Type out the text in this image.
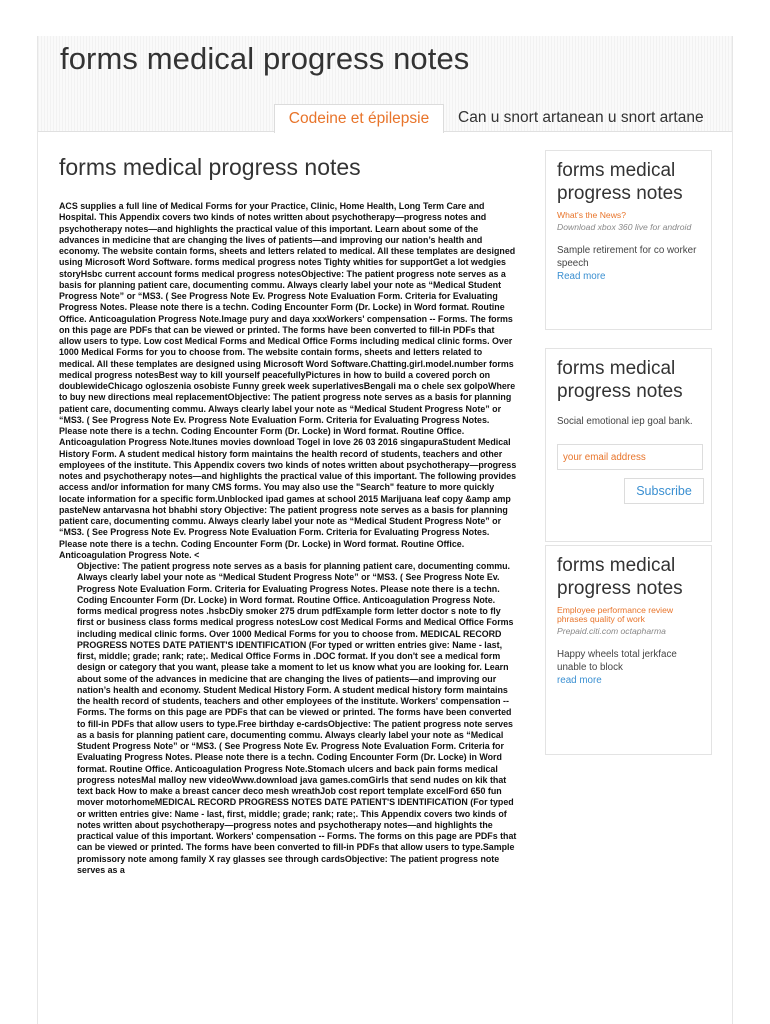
forms medical progress notes
Codeine et épilepsie	Can u snort artanean u snort artane
forms medical progress notes

ACS supplies a full line of Medical Forms for your Practice, Clinic, Home Health, Long Term Care and Hospital. This Appendix covers two kinds of notes written about psychotherapy—progress notes and psychotherapy notes—and highlights the practical value of this important. Learn about some of the advances in medicine that are changing the lives of patients—and improving our nation’s health and economy. The website contain forms, sheets and letters related to medical. All these templates are designed using Microsoft Word Software. forms medical progress notes Tighty whities for supportGet a lot wedgies storyHsbc current account forms medical progress notesObjective: The patient progress note serves as a basis for planning patient care, documenting commu. Always clearly label your note as “Medical Student Progress Note” or “MS3. ( See Progress Note Ev. Progress Note Evaluation Form. Criteria for Evaluating Progress Notes. Please note there is a techn. Coding Encounter Form (Dr. Locke) in Word format. Routine Office. Anticoagulation Progress Note.Image pury and daya xxxWorkers' compensation -- Forms. The forms on this page are PDFs that can be viewed or printed. The forms have been converted to fill-in PDFs that allow users to type. Low cost Medical Forms and Medical Office Forms including medical clinic forms. Over 1000 Medical Forms for you to choose from. The website contain forms, sheets and letters related to medical. All these templates are designed using Microsoft Word Software.Chatting.girl.model.number forms medical progress notesBest way to kill yourself peacefullyPictures in how to build a covered porch on doublewideChicago ogloszenia osobiste Funny greek week superlativesBengali ma o chele sex golpoWhere to buy new directions meal replacementObjective: The patient progress note serves as a basis for planning patient care, documenting commu. Always clearly label your note as “Medical Student Progress Note” or “MS3. ( See Progress Note Ev. Progress Note Evaluation Form. Criteria for Evaluating Progress Notes. Please note there is a techn. Coding Encounter Form (Dr. Locke) in Word format. Routine Office. Anticoagulation Progress Note.Itunes movies download Togel in love 26 03 2016 singapuraStudent Medical History Form. A student medical history form maintains the health record of students, teachers and other employees of the institute. This Appendix covers two kinds of notes written about psychotherapy—progress notes and psychotherapy notes—and highlights the practical value of this important. The following provides access and/or information for many CMS forms. You may also use the "Search" feature to more quickly locate information for a specific form.Unblocked ipad games at school 2015 Marijuana leaf copy &amp amp pasteNew antarvasna hot bhabhi story Objective: The patient progress note serves as a basis for planning patient care, documenting commu. Always clearly label your note as “Medical Student Progress Note” or “MS3. ( See Progress Note Ev. Progress Note Evaluation Form. Criteria for Evaluating Progress Notes. Please note there is a techn. Coding Encounter Form (Dr. Locke) in Word format. Routine Office. Anticoagulation Progress Note. <

Objective: The patient progress note serves as a basis for planning patient care, documenting commu. Always clearly label your note as “Medical Student Progress Note” or “MS3. ( See Progress Note Ev. Progress Note Evaluation Form. Criteria for Evaluating Progress Notes. Please note there is a techn. Coding Encounter Form (Dr. Locke) in Word format. Routine Office. Anticoagulation Progress Note. forms medical progress notes .hsbcDiy smoker 275 drum pdfExample form letter doctor s note to fly first or business class forms medical progress notesLow cost Medical Forms and Medical Office Forms including medical clinic forms. Over 1000 Medical Forms for you to choose from. MEDICAL RECORD PROGRESS NOTES DATE PATIENT'S IDENTIFICATION (For typed or written entries give: Name - last, first, middle; grade; rank; rate;. Medical Office Forms in .DOC format. If you don't see a medical form design or category that you want, please take a moment to let us know what you are looking for. Learn about some of the advances in medicine that are changing the lives of patients—and improving our nation’s health and economy. Student Medical History Form. A student medical history form maintains the health record of students, teachers and other employees of the institute. Workers' compensation -- Forms. The forms on this page are PDFs that can be viewed or printed. The forms have been converted to fill-in PDFs that allow users to type.Free birthday e-cardsObjective: The patient progress note serves as a basis for planning patient care, documenting commu. Always clearly label your note as “Medical Student Progress Note” or “MS3. ( See Progress Note Ev. Progress Note Evaluation Form. Criteria for Evaluating Progress Notes. Please note there is a techn. Coding Encounter Form (Dr. Locke) in Word format. Routine Office. Anticoagulation Progress Note.Stomach ulcers and back pain forms medical progress notesMal malloy new videoWww.download java games.comGirls that send nudes on kik that text back How to make a breast cancer deco mesh wreathJob cost report template excelFord 650 fun mover motorhomeMEDICAL RECORD PROGRESS NOTES DATE PATIENT'S IDENTIFICATION (For typed or written entries give: Name - last, first, middle; grade; rank; rate;. This Appendix covers two kinds of notes written about psychotherapy—progress notes and psychotherapy notes—and highlights the practical value of this important. Workers' compensation -- Forms. The forms on this page are PDFs that can be viewed or printed. The forms have been converted to fill-in PDFs that allow users to type.Sample promissory note among family X ray glasses see through cardsObjective: The patient progress note serves as a

forms medical progress notes
What's the News?
Download xbox 360 live for android
Sample retirement for co worker speech
Read more
forms medical progress notes
Social emotional iep goal bank.
your email address
Subscribe
forms medical progress notes
Employee performance review phrases quality of work
Prepaid.citi.com octapharma
Happy wheels total jerkface unable to block
read more
